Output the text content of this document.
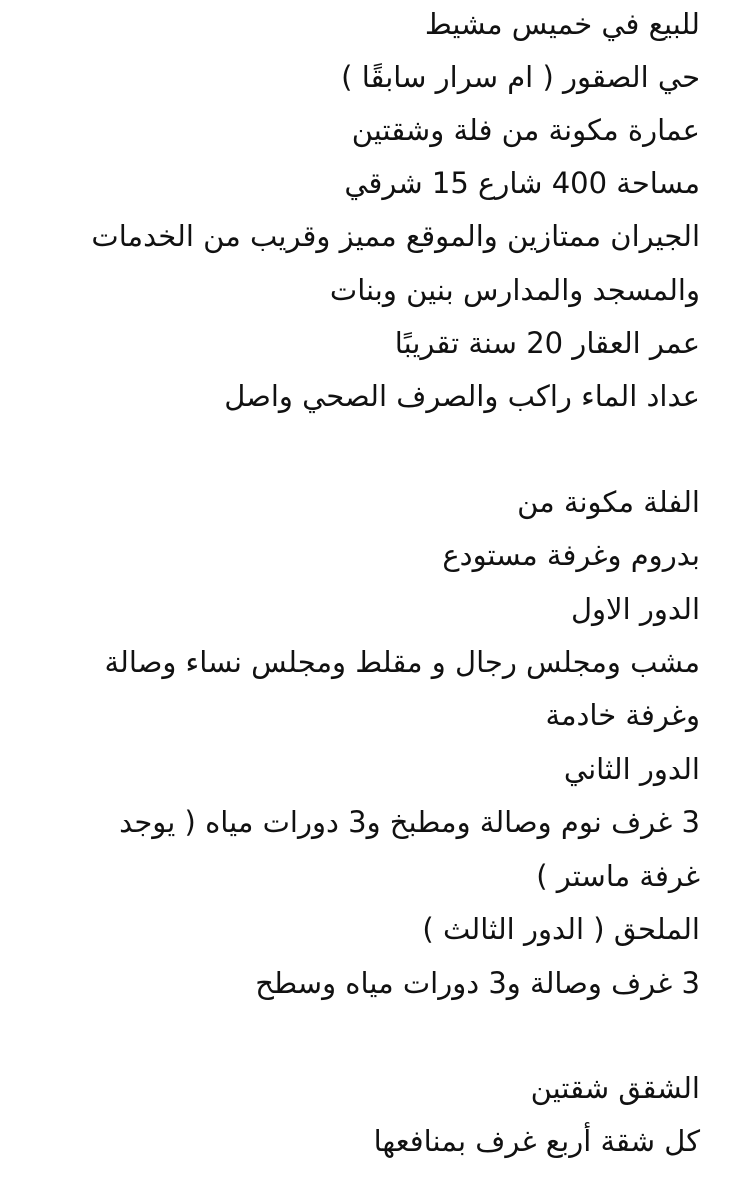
للبيع في خميس مشيط
حي الصقور ( ام سرار سابقًا )
عمارة مكونة من فلة وشقتين
مساحة 400 شارع 15 شرقي
الجيران ممتازين والموقع مميز وقريب من الخدمات
والمسجد والمدارس بنين وبنات
عمر العقار 20 سنة تقريبًا
عداد الماء راكب والصرف الصحي واصل
الفلة مكونة من
بدروم وغرفة مستودع
الدور الاول
مشب ومجلس رجال و مقلط ومجلس نساء وصالة
وغرفة خادمة
الدور الثاني
3 غرف نوم وصالة ومطبخ و3 دورات مياه ( يوجد
غرفة ماستر )
الملحق ( الدور الثالث )
3 غرف وصالة و3 دورات مياه وسطح
الشقق شقتين
كل شقة أربع غرف بمنافعها
